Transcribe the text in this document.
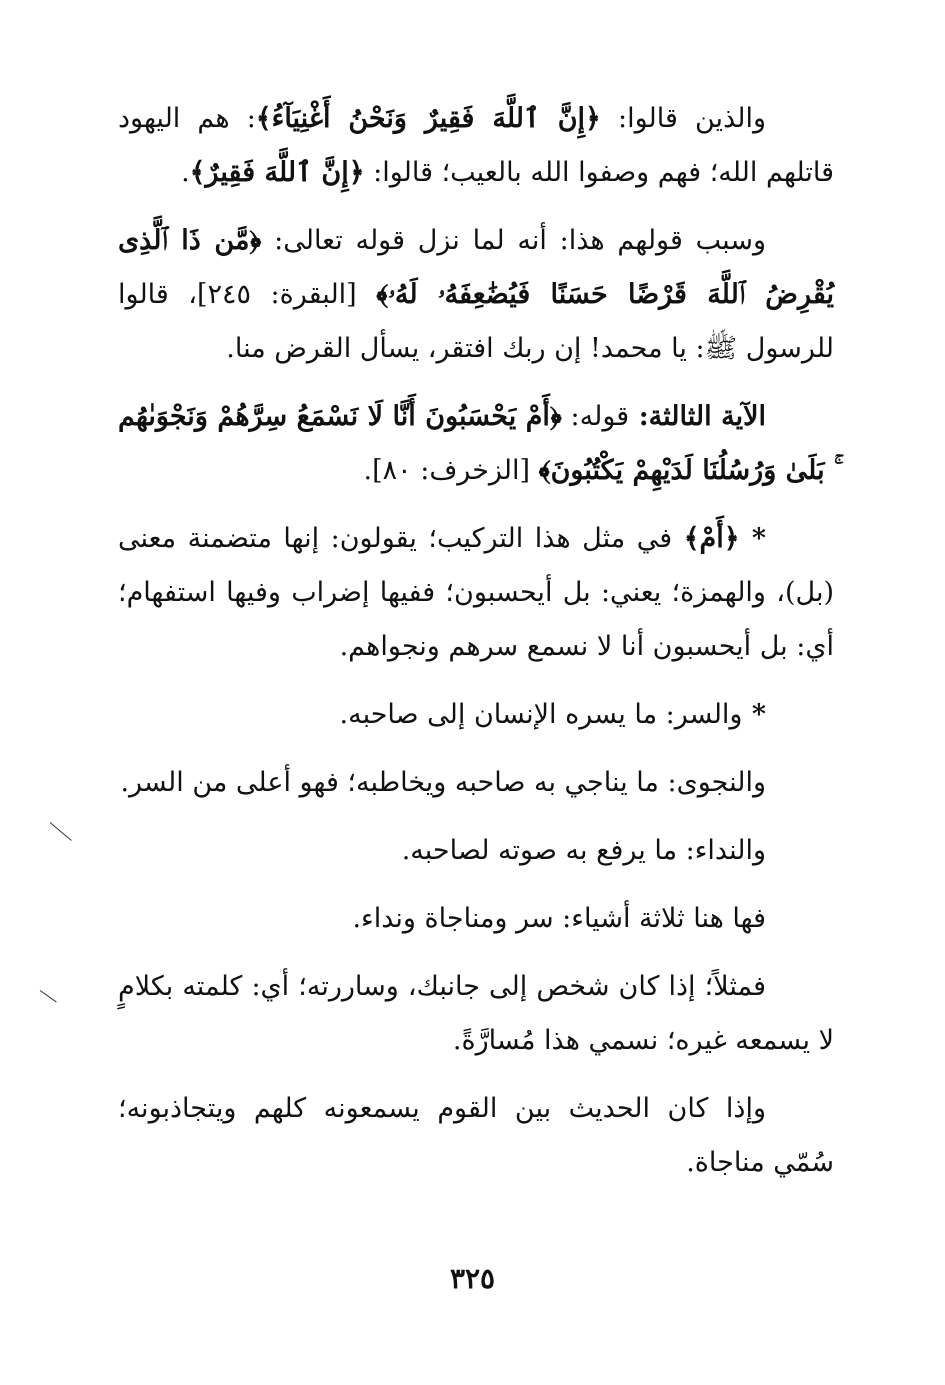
والذين قالوا: ﴿إِنَّ ٱللَّهَ فَقِيرٌ وَنَحْنُ أَغْنِيَآءُ﴾: هم اليهود قاتلهم الله؛ فهم وصفوا الله بالعيب؛ قالوا: ﴿إِنَّ ٱللَّهَ فَقِيرٌ﴾.

وسبب قولهم هذا: أنه لما نزل قوله تعالى: ﴿مَّن ذَا ٱلَّذِى يُقْرِضُ ٱللَّهَ قَرْضًا حَسَنًا فَيُضَٰعِفَهُۥ لَهُۥ﴾ [البقرة: ٢٤٥]، قالوا للرسول ﷺ: يا محمد! إن ربك افتقر، يسأل القرض منا.

الآية الثالثة: قوله: ﴿أَمْ يَحْسَبُونَ أَنَّا لَا نَسْمَعُ سِرَّهُمْ وَنَجْوَىٰهُم ۚ بَلَىٰ وَرُسُلُنَا لَدَيْهِمْ يَكْتُبُونَ﴾ [الزخرف: ٨٠].

* ﴿أَمْ﴾ في مثل هذا التركيب؛ يقولون: إنها متضمنة معنى (بل)، والهمزة؛ يعني: بل أيحسبون؛ ففيها إضراب وفيها استفهام؛ أي: بل أيحسبون أنا لا نسمع سرهم ونجواهم.

* والسر: ما يسره الإنسان إلى صاحبه.

والنجوى: ما يناجي به صاحبه ويخاطبه؛ فهو أعلى من السر.

والنداء: ما يرفع به صوته لصاحبه.

فها هنا ثلاثة أشياء: سر ومناجاة ونداء.

فمثلاً؛ إذا كان شخص إلى جانبك، وساررته؛ أي: كلمته بكلامٍ لا يسمعه غيره؛ نسمي هذا مُسارَّةً.

وإذا كان الحديث بين القوم يسمعونه كلهم ويتجاذبونه؛ سُمّي مناجاة.

٣٢٥
